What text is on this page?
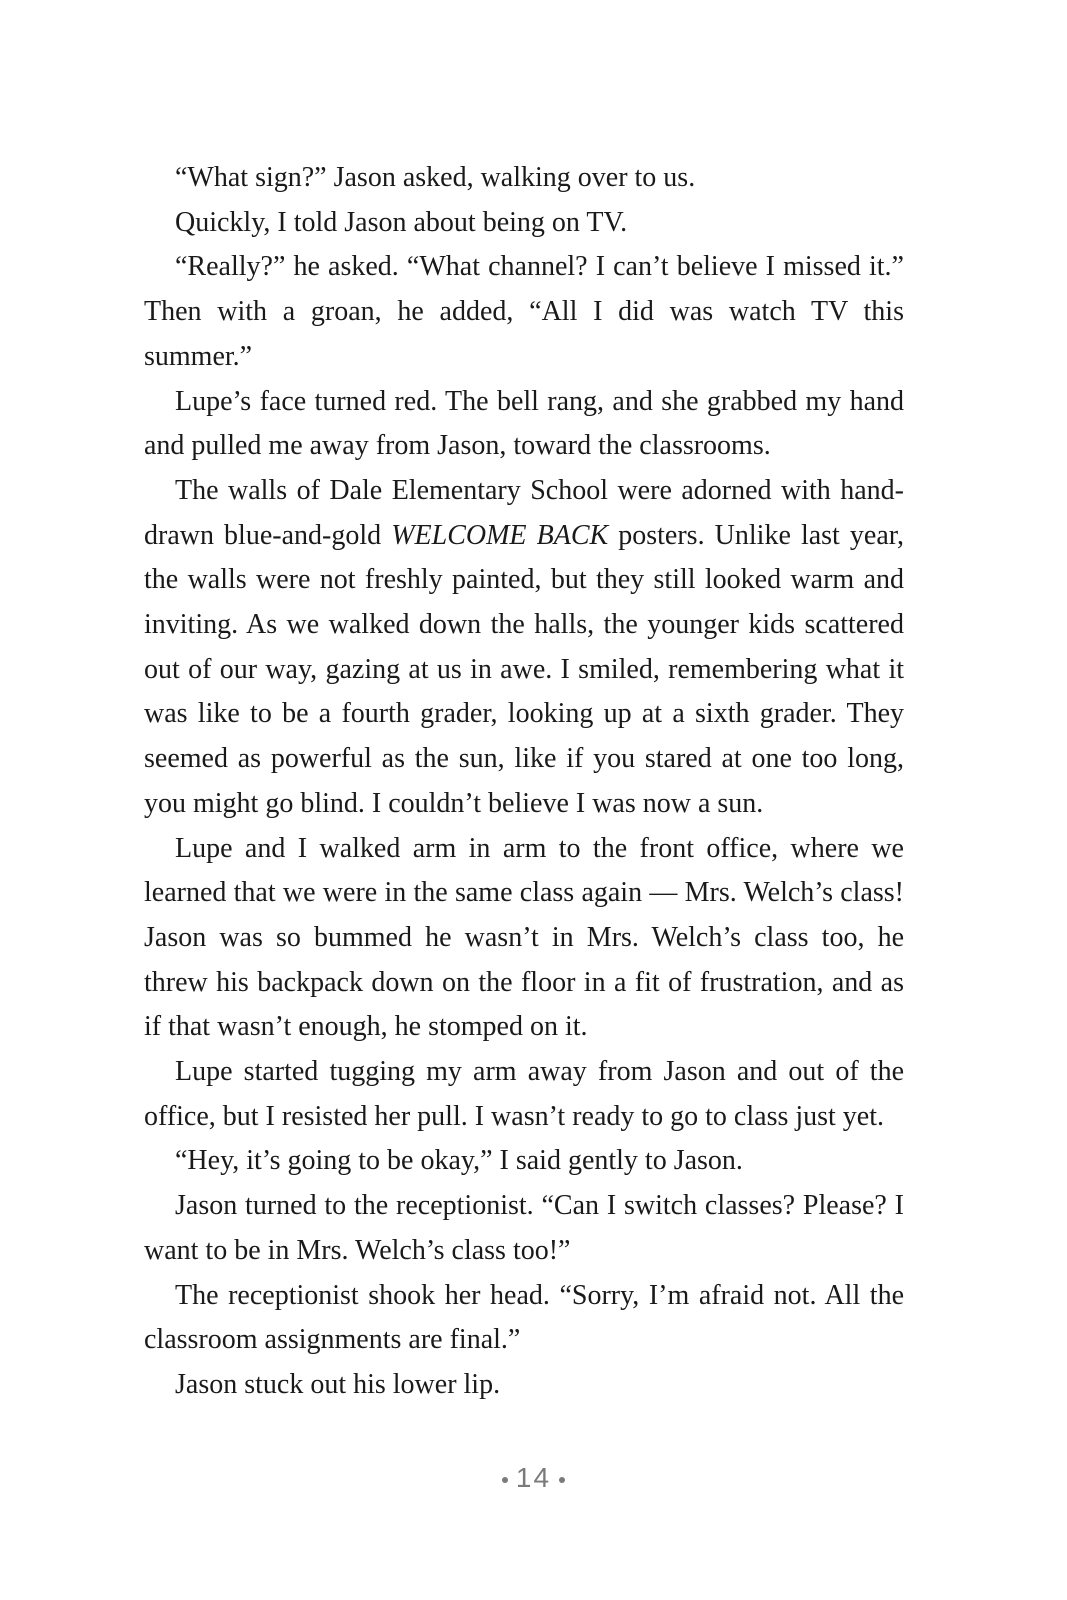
“What sign?” Jason asked, walking over to us.

Quickly, I told Jason about being on TV.

“Really?” he asked. “What channel? I can’t believe I missed it.” Then with a groan, he added, “All I did was watch TV this summer.”

Lupe’s face turned red. The bell rang, and she grabbed my hand and pulled me away from Jason, toward the classrooms.

The walls of Dale Elementary School were adorned with hand-drawn blue-and-gold WELCOME BACK posters. Unlike last year, the walls were not freshly painted, but they still looked warm and inviting. As we walked down the halls, the younger kids scattered out of our way, gazing at us in awe. I smiled, remembering what it was like to be a fourth grader, looking up at a sixth grader. They seemed as powerful as the sun, like if you stared at one too long, you might go blind. I couldn’t believe I was now a sun.

Lupe and I walked arm in arm to the front office, where we learned that we were in the same class again — Mrs. Welch’s class! Jason was so bummed he wasn’t in Mrs. Welch’s class too, he threw his backpack down on the floor in a fit of frustration, and as if that wasn’t enough, he stomped on it.

Lupe started tugging my arm away from Jason and out of the office, but I resisted her pull. I wasn’t ready to go to class just yet.

“Hey, it’s going to be okay,” I said gently to Jason.

Jason turned to the receptionist. “Can I switch classes? Please? I want to be in Mrs. Welch’s class too!”

The receptionist shook her head. “Sorry, I’m afraid not. All the classroom assignments are final.”

Jason stuck out his lower lip.

14
